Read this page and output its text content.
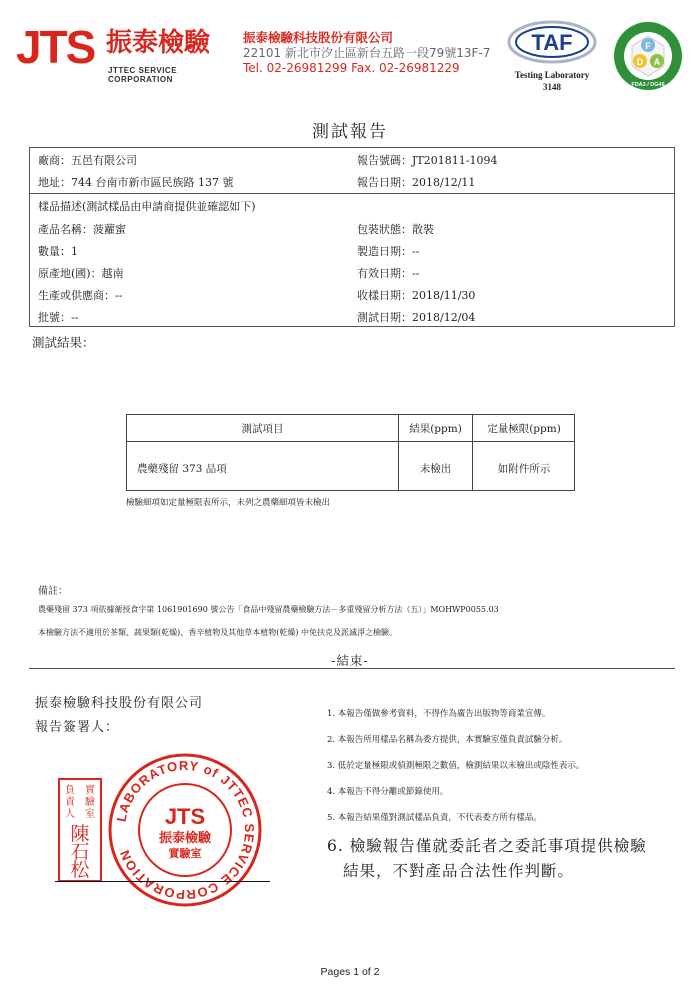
JTS 振泰檢驗
JTTEC SERVICE CORPORATION
振泰檢驗科技股份有限公司
22101 新北市汐止區新台五路一段79號13F-7
Tel. 02-26981299 Fax. 02-26981229
TAF
Testing Laboratory
3148
F
D A
FDA3 / DG46
測試報告
廠商：五邑有限公司	報告號碼：JT201811-1094
地址：744 台南市新市區民族路 137 號	報告日期：2018/12/11
樣品描述(測試樣品由申請商提供並確認如下)
產品名稱：菠蘿蜜	包裝狀態：散裝
數量：1	製造日期：--
原產地(國)：越南	有效日期：--
生產或供應商：--	收樣日期：2018/11/30
批號：--	測試日期：2018/12/04
測試結果：
測試項目	結果(ppm)	定量極限(ppm)
農藥殘留 373 品項	未檢出	如附件所示
檢驗細項如定量極限表所示，未列之農藥細項皆未檢出
備註：
農藥殘留 373 項依據衛授食字第 1061901690 號公告「食品中殘留農藥檢驗方法－多重殘留分析方法（五）」MOHWP0055.03
本檢驗方法不適用於茶類、蔬果類(乾燥)、香辛植物及其他草本植物(乾燥) 中免扶克及派滅淨之檢驗。
-結束-
振泰檢驗科技股份有限公司
報告簽署人：
負
責
實
驗
人 室
陳
石
松
LABORATORY of JTTEC SERVICE CORPORATION
JTS
振泰檢驗
實驗室
1. 本報告僅做參考資料，不得作為廣告出版物等商業宣傳。
2. 本報告所用樣品名稱為委方提供，本實驗室僅負責試驗分析。
3. 低於定量極限或偵測極限之數值，檢測結果以未檢出或陰性表示。
4. 本報告不得分離或節錄使用。
5. 本報告結果僅對測試樣品負責，不代表委方所有樣品。
6. 檢驗報告僅就委託者之委託事項提供檢驗
結果，不對產品合法性作判斷。
Pages 1 of 2
